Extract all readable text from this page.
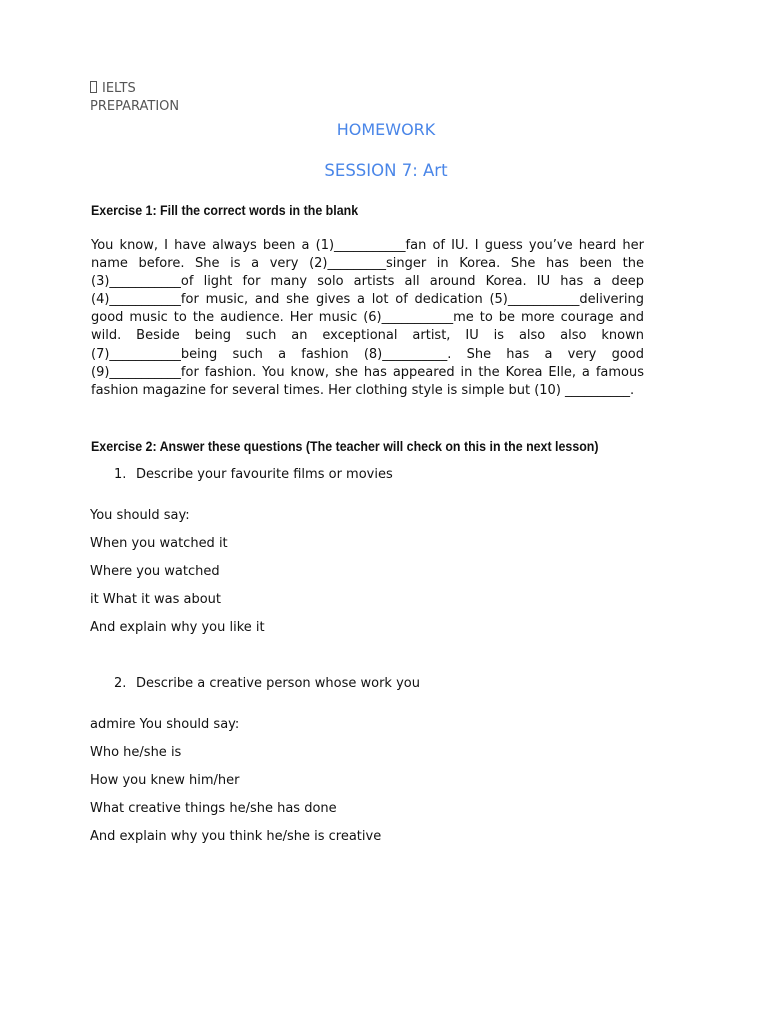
IELTS
PREPARATION
HOMEWORK
SESSION 7: Art
Exercise 1: Fill the correct words in the blank
You know, I have always been a (1)___________fan of IU. I guess you’ve heard her name before. She is a very (2)_________singer in Korea. She has been the (3)___________of light for many solo artists all around Korea. IU has a deep (4)___________for music, and she gives a lot of dedication (5)___________delivering good music to the audience. Her music (6)___________me to be more courage and wild. Beside being such an exceptional artist, IU is also also known (7)___________being such a fashion (8)__________. She has a very good (9)___________for fashion. You know, she has appeared in the Korea Elle, a famous fashion magazine for several times. Her clothing style is simple but (10) __________.
Exercise 2: Answer these questions (The teacher will check on this in the next lesson)
1. Describe your favourite films or movies
You should say:
When you watched it
Where you watched
it What it was about
And explain why you like it
2. Describe a creative person whose work you
admire You should say:
Who he/she is
How you knew him/her
What creative things he/she has done
And explain why you think he/she is creative
